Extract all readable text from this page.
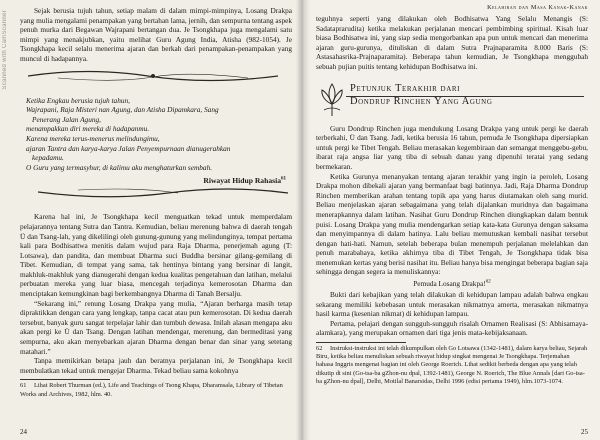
Scanned with CamScanner	Sejak berusia tujuh tahun, setiap malam di dalam mimpi-mimpinya, Losang Drakpa yang mulia mengalami penampakan yang bertahan lama, jernih, dan sempurna tentang aspek penuh murka dari Begawan Wajrapani bertangan dua. Je Tsongkhapa juga mengalami satu mimpi yang menakjubkan, yaitu melihat Guru Agung India, Atisha (982-1054). Je Tsongkhapa kecil selalu menerima ajaran dan berkah dari penampakan-penampakan yang muncul di hadapannya.

Ketika Engkau berusia tujuh tahun,
Wajrapani, Raja Misteri nan Agung, dan Atisha Dipamkara, Sang
Penerang Jalan Agung,
menampakkan diri mereka di hadapanmu.
Karena mereka terus-menerus melindungimu,
ajaran Tantra dan karya-karya Jalan Penyempurnaan dianugerahkan
kepadamu.
O Guru yang termasyhur, di kalimu aku menghaturkan sembah.
Riwayat Hidup Rahasia$^{61}$

Karena hal ini, Je Tsongkhapa kecil menguatkan tekad untuk memperdalam pelajarannya tentang Sutra dan Tantra. Kemudian, beliau merenung bahwa di daerah tengah Ü dan Tsang-lah, yang dikelilingi oleh gunung-gunung yang melindunginya, tempat pertama kali para Bodhisattwa menitis dalam wujud para Raja Dharma, penerjemah agung (T: Lotsawa), dan pandita, dan membuat Dharma suci Buddha bersinar gilang-gemilang di Tibet. Kemudian, di tempat yang sama, tak hentinya bintang yang bersinar di langit, makhluk-makhluk yang dianugerahi dengan kedua kualitas pengetahuan dan latihan, melalui perbuatan mereka yang luar biasa, mencegah terjadinya kemerosotan Dharma dan menciptakan kemungkinan bagi berkembangnya Dharma di Tanah Bersalju.

“Sekarang ini,” renung Losang Drakpa yang mulia, “Ajaran berharga masih tetap dipraktikkan dengan cara yang lengkap, tanpa cacat atau pun kemerosotan. Di kedua daerah tersebut, banyak guru sangat terpelajar lahir dan tumbuh dewasa. Inilah alasan mengapa aku akan pergi ke Ü dan Tsang. Dengan latihan mendengar, merenung, dan bermeditasi yang sempurna, aku akan menyebarkan ajaran Dharma dengan benar dan sinar yang setetang matahari.”

Tanpa memikirkan betapa jauh dan beratnya perjalanan ini, Je Tsongkhapa kecil membulatkan tekad untuk mengejar Dharma. Tekad beliau sama kokohnya

61 Lihat Robert Thurman (ed.), Life and Teachings of Tsong Khapa, Dharamsala, Library of Tibetan Works and Archives, 1982, hlm. 40.

24
Kelahiran dan Masa Kanak-Kanak

teguhnya seperti yang dilakukan oleh Bodhisatwa Yang Selalu Menangis (S: Sadataprarudita) ketika melakukan perjalanan mencari pembimbing spiritual. Kisah luar biasa Bodhisatwa ini, yang siap sedia mengorbankan apa pun untuk mencari dan menerima ajaran guru-gurunya, dituliskan di dalam Sutra Prajnaparamita 8.000 Baris (S: Astasahasrika-Prajnaparamita). Beberapa tahun kemudian, Je Tsongkhapa menggubah sebuah pujian puitis tentang kehidupan Bodhisatwa ini.

Petunjuk Terakhir dari
Dondrup Rinchen Yang Agung

Guru Dondrup Rinchen juga mendukung Losang Drakpa yang untuk pergi ke daerah terberkahi, Ü dan Tsang. Jadi, ketika berusia 16 tahun, pemuda Je Tsongkhapa dipersiapkan untuk pergi ke Tibet Tengah. Beliau merasakan kegembiraan dan semangat menggebu-gebu, ibarat raja angsa liar yang tiba di sebuah danau yang dipenuhi teratai yang sedang bermekaran.

Ketika Gurunya menanyakan tentang ajaran terakhir yang ingin ia peroleh, Losang Drakpa mohon dibekali ajaran yang bermanfaat bagi batinnya. Jadi, Raja Dharma Dondrup Rinchen memberikan arahan tentang topik apa yang harus diutamakan oleh sang murid. Beliau menjelaskan ajaran sebagaimana yang telah dijalankan muridnya dan bagaimana menerapkannya dalam latihan. Nasihat Guru Dondrup Rinchen diungkapkan dalam bentuk puisi. Losang Drakpa yang mulia mendengarkan setiap kata-kata Gurunya dengan saksama dan menyimpannya di dalam hatinya. Lalu beliau memutuskan kembali nasihat tersebut dengan hati-hati. Namun, setelah beberapa bulan menempuh perjalanan melelahkan dan penuh marabahaya, ketika akhirnya tiba di Tibet Tengah, Je Tsongkhapa tidak bisa menemukan kertas yang berisi nasihat itu. Beliau hanya bisa mengingat beberapa bagian saja sehingga dengan segera ia menuliskannya:

Pemuda Losang Drakpa!$^{62}$

Bukti dari kebajikan yang telah dilakukan di kehidupan lampau adalah bahwa engkau sekarang memiliki kebebasan untuk merasakan nikmatnya amerta, merasakan nikmatnya hasil karma (kesenian nikmat) di kehidupan lampau.

Pertama, pelajari dengan sungguh-sungguh risalah Ornamen Realisasi (S: Abhisamaya-alamkara), yang merupakan ornamen dari tiga jenis mata-kebijaksanaan.

62 Instruksi-instruksi ini telah dikumpulkan oleh Go Lotsawa (1342-1481), dalam karya beliau, Sejarah Biru, ketika beliau menuliskan sebuah riwayat hidup singkat mengenai Je Tsongkhapa. Terjemahan bahasa Inggris mengenai bagian ini oleh George Roerich. Lihat sedikit berbeda dengan apa yang telah dikutip di sini (Go-tsa-ba gZhon-nu dpal, 1392-1481), George N. Roerich, The Blue Annals [dari Go-tsa-ba gZhon-nu dpal], Delhi, Motilal Banarsidas, Delhi 1996 (edisi pertama 1949), hlm.1073-1074.

25
